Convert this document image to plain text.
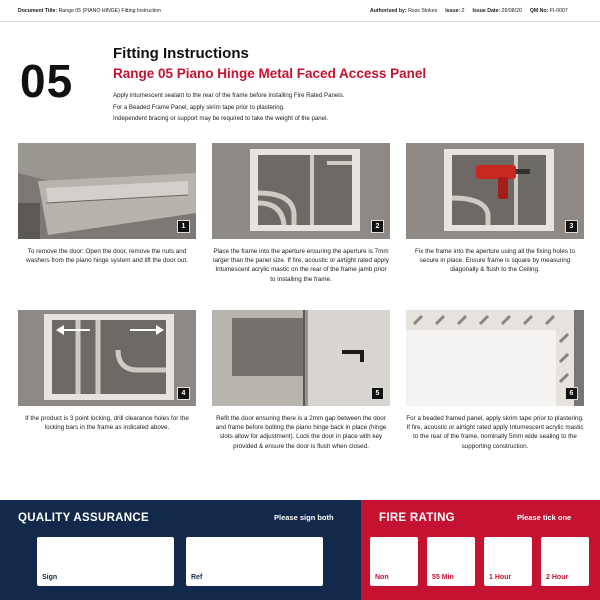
Document Title: Range 05 (PIANO HINGE) Fitting Instruction	Authorised by: Ross Stokes Issue: 2 Issue Date: 26/08/20 QM No: FI-0007
05
Fitting Instructions
Range 05 Piano Hinge Metal Faced Access Panel
Apply intumescent sealant to the rear of the frame before installing Fire Rated Panels.
For a Beaded Frame Panel, apply skrim tape prior to plastering.
Independent bracing or support may be required to take the weight of the panel.
1
To remove the door: Open the door, remove the nuts and washers from the piano hinge system and lift the door out.
2
Place the frame into the aperture ensuring the aperture is 7mm larger than the panel size. If fire, acoustic or airtight rated apply Intumescent acrylic mastic on the rear of the frame jamb prior to installing the frame.
3
Fix the frame into the aperture using all the fixing holes to secure in place. Ensure frame is square by measuring diagonally & flush to the Ceiling.
4
If the product is 3 point locking, drill clearance holes for the locking bars in the frame as indicated above.
5
Refit the door ensuring there is a 2mm gap between the door and frame before bolting the piano hinge back in place (hinge slots allow for adjustment). Lock the door in place with key provided & ensure the door is flush when closed.
6
For a beaded framed panel, apply skrim tape prior to plastering. If fire, acoustic or airtight rated apply Intumescent acrylic mastic to the rear of the frame, nominally 5mm wide sealing to the supporting construction.
QUALITY ASSURANCE	Please sign both
Sign	Ref
FIRE RATING	Please tick one
Non	55 Min	1 Hour	2 Hour
